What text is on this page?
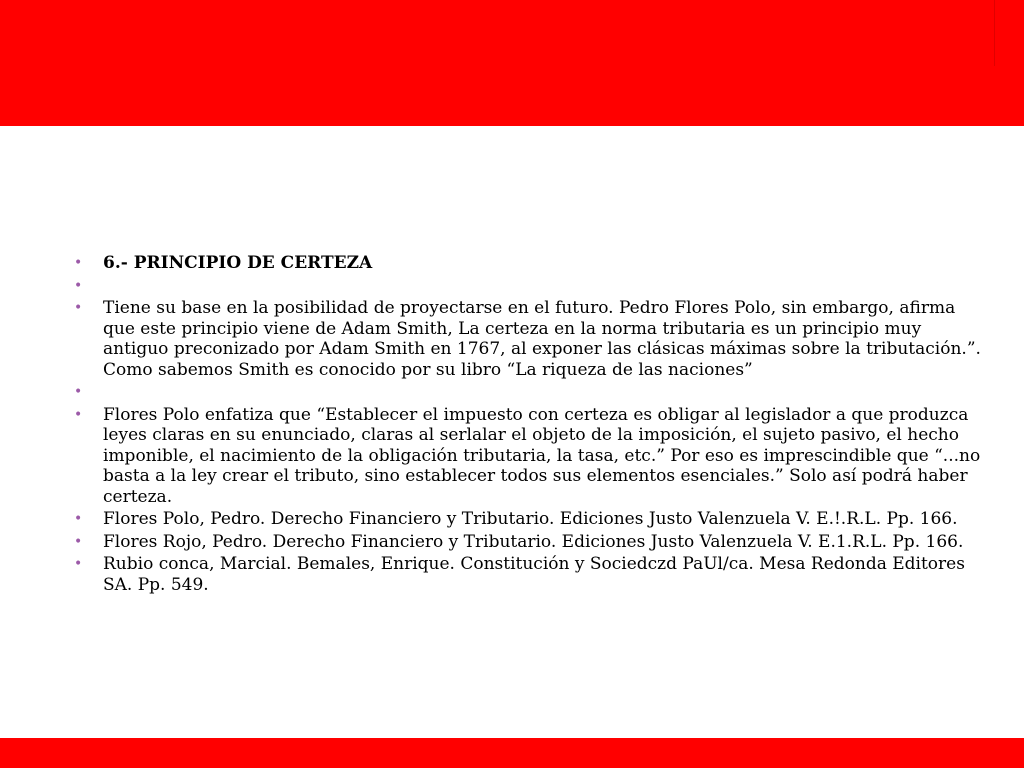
• 6.- PRINCIPIO DE CERTEZA
•
• Tiene su base en la posibilidad de proyectarse en el futuro. Pedro Flores Polo, sin embargo, afirma que este principio viene de Adam Smith, La certeza en la norma tributaria es un principio muy antiguo preconizado por Adam Smith en 1767, al exponer las clásicas máximas sobre la tributación.”. Como sabemos Smith es conocido por su libro “La riqueza de las naciones”
•
• Flores Polo enfatiza que “Establecer el impuesto con certeza es obligar al legislador a que produzca leyes claras en su enunciado, claras al serlalar el objeto de la imposición, el sujeto pasivo, el hecho imponible, el nacimiento de la obligación tributaria, la tasa, etc.” Por eso es imprescindible que “...no basta a la ley crear el tributo, sino establecer todos sus elementos esenciales.” Solo así podrá haber certeza.
• Flores Polo, Pedro. Derecho Financiero y Tributario. Ediciones Justo Valenzuela V. E.!.R.L. Pp. 166.
• Flores Rojo, Pedro. Derecho Financiero y Tributario. Ediciones Justo Valenzuela V. E.1.R.L. Pp. 166.
• Rubio conca, Marcial. Bemales, Enrique. Constitución y Sociedczd PaUl/ca. Mesa Redonda Editores SA. Pp. 549.
